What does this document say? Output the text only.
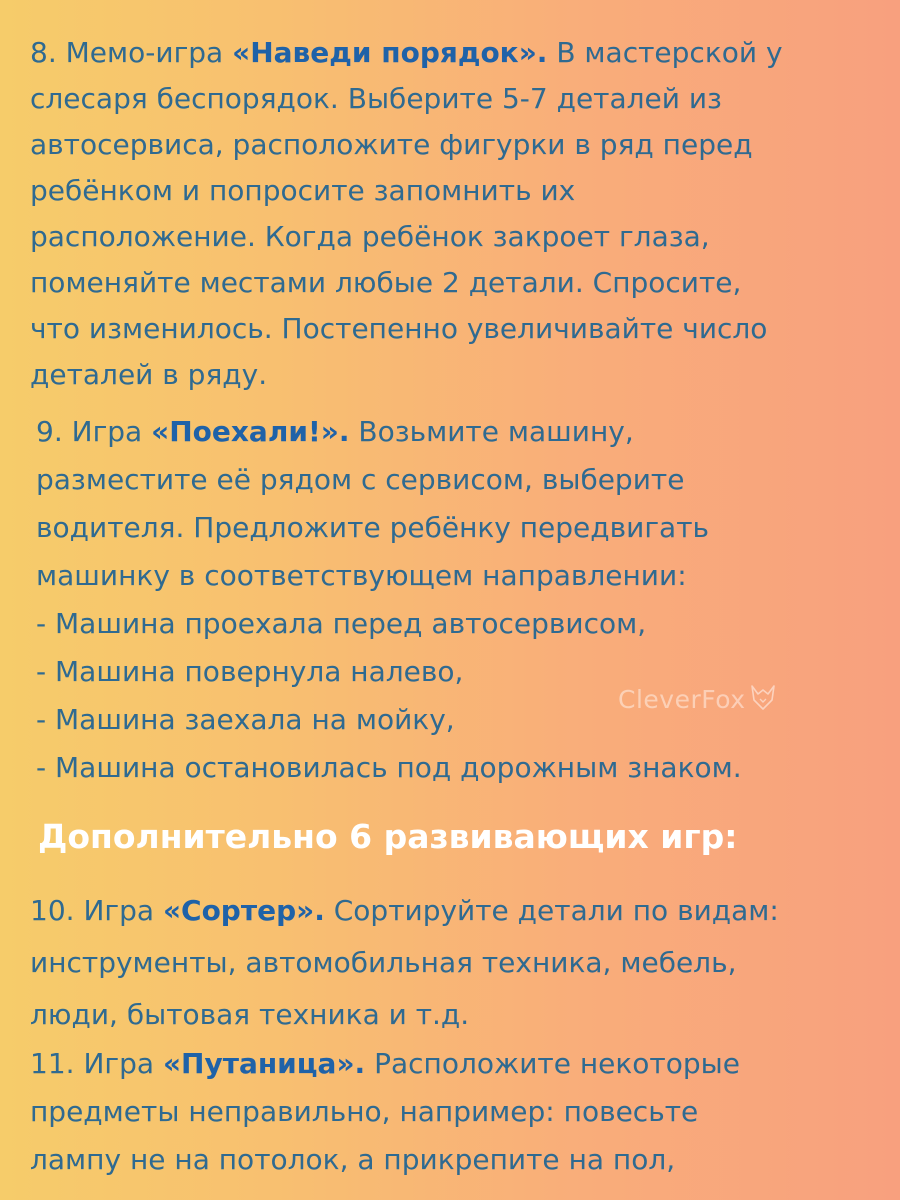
8. Мемо-игра «Наведи порядок». В мастерской у
слесаря беспорядок. Выберите 5-7 деталей из
автосервиса, расположите фигурки в ряд перед
ребёнком и попросите запомнить их
расположение. Когда ребёнок закроет глаза,
поменяйте местами любые 2 детали. Спросите,
что изменилось. Постепенно увеличивайте число
деталей в ряду.

9. Игра «Поехали!». Возьмите машину,
разместите её рядом с сервисом, выберите
водителя. Предложите ребёнку передвигать
машинку в соответствующем направлении:
- Машина проехала перед автосервисом,
- Машина повернула налево,
- Машина заехала на мойку,
- Машина остановилась под дорожным знаком.

CleverFox
Дополнительно 6 развивающих игр:

10. Игра «Сортер». Сортируйте детали по видам:
инструменты, автомобильная техника, мебель,
люди, бытовая техника и т.д.

11. Игра «Путаница». Расположите некоторые
предметы неправильно, например: повесьте
лампу не на потолок, а прикрепите на пол,
